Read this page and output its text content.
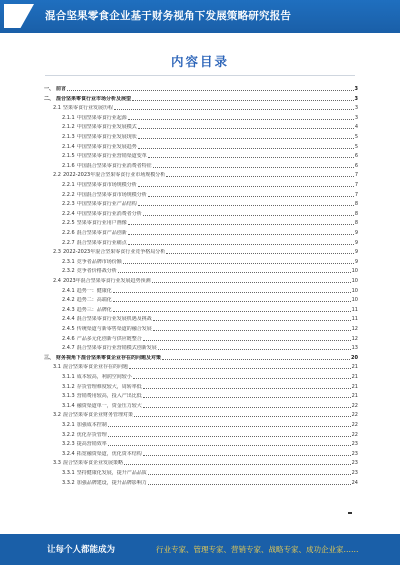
混合坚果零食企业基于财务视角下发展策略研究报告
内容目录
一、 前言	3
二、 混合坚果零食行业市场分析及展望	3
2.1 坚果零食行业发展历程	3
2.1.1 中国坚果零食行业起源	3
2.1.2 中国坚果零食行业发展模式	4
2.1.3 中国坚果零食行业发展现状	5
2.1.4 中国坚果零食行业发展趋势	5
2.1.5 中国坚果零食行业营销渠道变革	6
2.1.6 中国混合坚果零食行业消费者特征	6
2.2 2022-2023年混合坚果零食行业市场规模分析	7
2.2.1 中国坚果零食市场规模分析	7
2.2.2 中国混合坚果零食市场规模分析	7
2.2.3 中国坚果零食行业产品结构	8
2.2.4 中国坚果零食行业消费者分析	8
2.2.5 坚果零食行业用户画像	8
2.2.6 混合坚果零食产品创新	9
2.2.7 混合坚果零食行业痛点	9
2.3 2022-2023年混合坚果零食行业竞争格局分析	9
2.3.1 竞争者品牌市场份额	9
2.3.2 竞争者价格战分析	10
2.4 2023年混合坚果零食行业发展趋势预测	10
2.4.1 趋势一：健康化	10
2.4.2 趋势二：高端化	10
2.4.3 趋势三：品牌化	11
2.4.4 混合坚果零食行业发展机遇及挑战	11
2.4.5 传统渠道与新零售渠道的融合发展	12
2.4.6 产品多元化创新与供应链整合	12
2.4.7 混合坚果零食行业营销模式创新发展	13
三、 财务视角下混合坚果零食企业存在的问题及对策	20
3.1 混合坚果零食企业存在的问题	21
3.1.1 成本较高，利润空间较小	21
3.1.2 存货管理难度较大，周转率低	21
3.1.3 营销费用较高，投入产出比低	21
3.1.4 融资渠道单一，资金压力较大	22
3.2 混合坚果零食企业财务管理对策	22
3.2.1 加强成本控制	22
3.2.2 优化存货管理	22
3.2.3 提高营销效率	23
3.2.4 拓宽融资渠道，优化资本结构	23
3.3 混合坚果零食企业发展策略	23
3.3.1 坚持健康化发展，提升产品品质	23
3.3.2 加强品牌建设，提升品牌影响力	24
让每个人都能成为	行业专家、管理专家、营销专家、战略专家、成功企业家……
